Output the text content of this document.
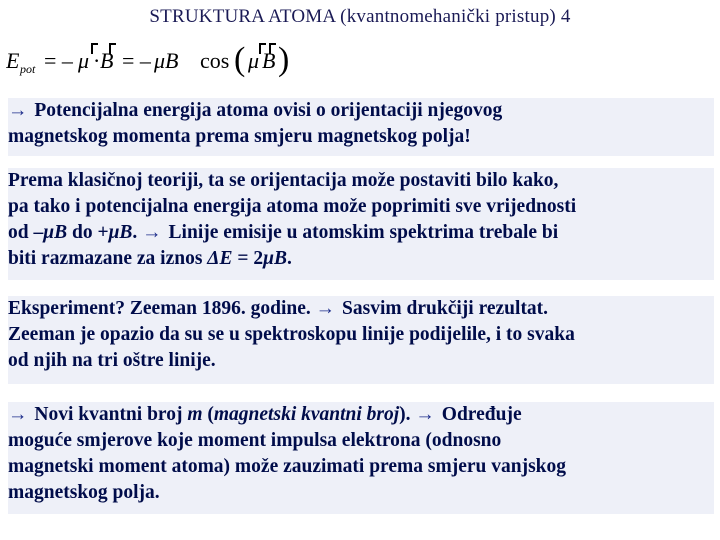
STRUKTURA ATOMA (kvantnomehanički pristup) 4
E pot = – μ · B = – μB cos ( μ B )
→ Potencijalna energija atoma ovisi o orijentaciji njegovog
magnetskog momenta prema smjeru magnetskog polja!
Prema klasičnoj teoriji, ta se orijentacija može postaviti bilo kako,
pa tako i potencijalna energija atoma može poprimiti sve vrijednosti
od –μB do +μB. → Linije emisije u atomskim spektrima trebale bi
biti razmazane za iznos ΔE = 2μB.
Eksperiment? Zeeman 1896. godine. → Sasvim drukčiji rezultat.
Zeeman je opazio da su se u spektroskopu linije podijelile, i to svaka
od njih na tri oštre linije.
→ Novi kvantni broj m (magnetski kvantni broj). → Određuje
moguće smjerove koje moment impulsa elektrona (odnosno
magnetski moment atoma) može zauzimati prema smjeru vanjskog
magnetskog polja.
